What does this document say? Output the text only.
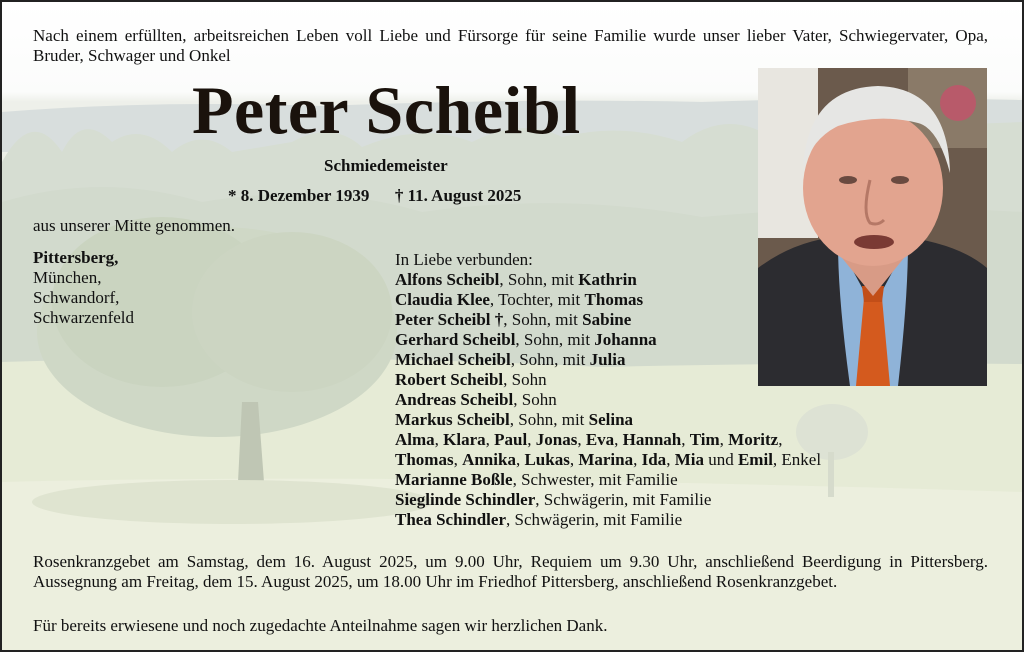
Nach einem erfüllten, arbeitsreichen Leben voll Liebe und Fürsorge für seine Familie wurde unser lieber Vater, Schwiegervater, Opa, Bruder, Schwager und Onkel
Peter Scheibl
Schmiedemeister
* 8. Dezember 1939 † 11. August 2025
aus unserer Mitte genommen.
Pittersberg,
München,
Schwandorf,
Schwarzenfeld
In Liebe verbunden:
Alfons Scheibl, Sohn, mit Kathrin
Claudia Klee, Tochter, mit Thomas
Peter Scheibl †, Sohn, mit Sabine
Gerhard Scheibl, Sohn, mit Johanna
Michael Scheibl, Sohn, mit Julia
Robert Scheibl, Sohn
Andreas Scheibl, Sohn
Markus Scheibl, Sohn, mit Selina
Alma, Klara, Paul, Jonas, Eva, Hannah, Tim, Moritz,
Thomas, Annika, Lukas, Marina, Ida, Mia und Emil, Enkel
Marianne Boßle, Schwester, mit Familie
Sieglinde Schindler, Schwägerin, mit Familie
Thea Schindler, Schwägerin, mit Familie
Rosenkranzgebet am Samstag, dem 16. August 2025, um 9.00 Uhr, Requiem um 9.30 Uhr, anschließend Beerdigung in Pittersberg. Aussegnung am Freitag, dem 15. August 2025, um 18.00 Uhr im Friedhof Pittersberg, anschließend Rosenkranzgebet.
Für bereits erwiesene und noch zugedachte Anteilnahme sagen wir herzlichen Dank.
